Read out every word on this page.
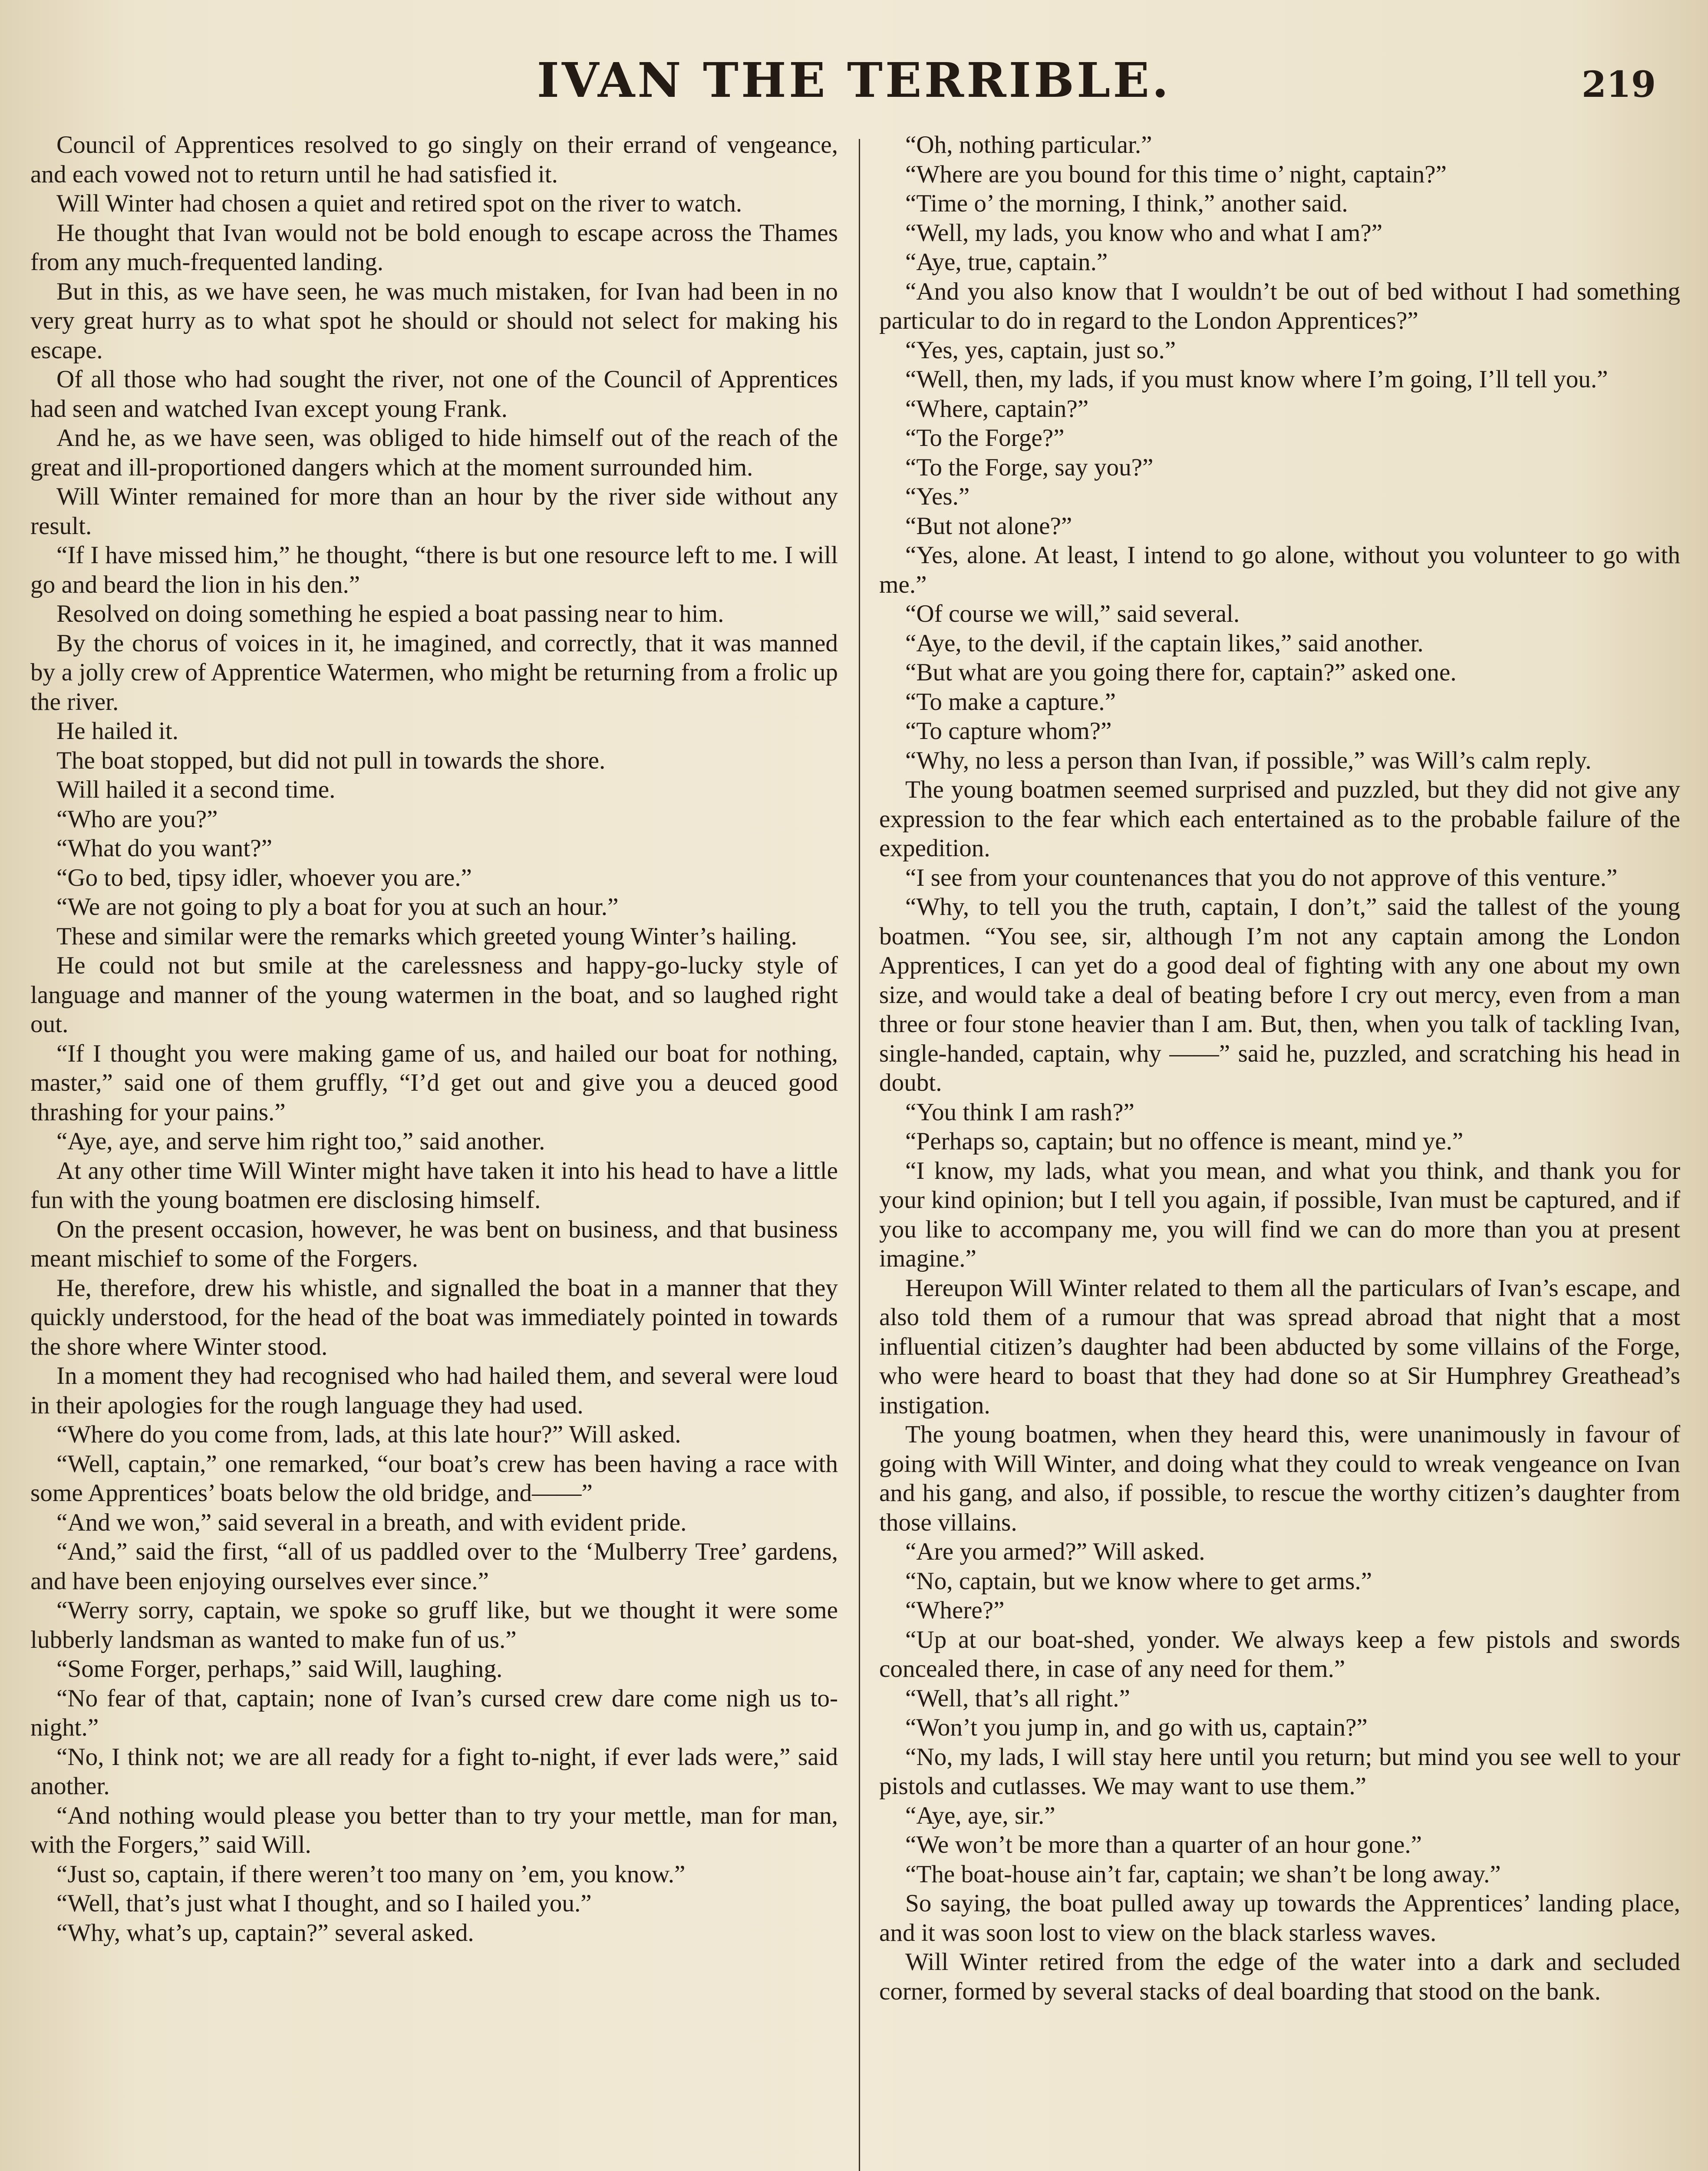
IVAN THE TERRIBLE.	219

Council of Apprentices resolved to go singly on their errand of vengeance, and each vowed not to return until he had satisfied it.

Will Winter had chosen a quiet and retired spot on the river to watch.

He thought that Ivan would not be bold enough to escape across the Thames from any much-frequented landing.

But in this, as we have seen, he was much mistaken, for Ivan had been in no very great hurry as to what spot he should or should not select for making his escape.

Of all those who had sought the river, not one of the Council of Apprentices had seen and watched Ivan except young Frank.

And he, as we have seen, was obliged to hide himself out of the reach of the great and ill-proportioned dangers which at the moment surrounded him.

Will Winter remained for more than an hour by the river side without any result.

“If I have missed him,” he thought, “there is but one resource left to me. I will go and beard the lion in his den.”

Resolved on doing something he espied a boat passing near to him.

By the chorus of voices in it, he imagined, and correctly, that it was manned by a jolly crew of Apprentice Watermen, who might be returning from a frolic up the river.

He hailed it.

The boat stopped, but did not pull in towards the shore.

Will hailed it a second time.

“Who are you?”

“What do you want?”

“Go to bed, tipsy idler, whoever you are.”

“We are not going to ply a boat for you at such an hour.”

These and similar were the remarks which greeted young Winter’s hailing.

He could not but smile at the carelessness and happy-go-lucky style of language and manner of the young watermen in the boat, and so laughed right out.

“If I thought you were making game of us, and hailed our boat for nothing, master,” said one of them gruffly, “I’d get out and give you a deuced good thrashing for your pains.”

“Aye, aye, and serve him right too,” said another.

At any other time Will Winter might have taken it into his head to have a little fun with the young boatmen ere disclosing himself.

On the present occasion, however, he was bent on business, and that business meant mischief to some of the Forgers.

He, therefore, drew his whistle, and signalled the boat in a manner that they quickly understood, for the head of the boat was immediately pointed in towards the shore where Winter stood.

In a moment they had recognised who had hailed them, and several were loud in their apologies for the rough language they had used.

“Where do you come from, lads, at this late hour?” Will asked.

“Well, captain,” one remarked, “our boat’s crew has been having a race with some Apprentices’ boats below the old bridge, and——”

“And we won,” said several in a breath, and with evident pride.

“And,” said the first, “all of us paddled over to the ‘Mulberry Tree’ gardens, and have been enjoying ourselves ever since.”

“Werry sorry, captain, we spoke so gruff like, but we thought it were some lubberly landsman as wanted to make fun of us.”

“Some Forger, perhaps,” said Will, laughing.

“No fear of that, captain; none of Ivan’s cursed crew dare come nigh us to-night.”

“No, I think not; we are all ready for a fight to-night, if ever lads were,” said another.

“And nothing would please you better than to try your mettle, man for man, with the Forgers,” said Will.

“Just so, captain, if there weren’t too many on ’em, you know.”

“Well, that’s just what I thought, and so I hailed you.”

“Why, what’s up, captain?” several asked.

“Oh, nothing particular.”

“Where are you bound for this time o’ night, captain?”

“Time o’ the morning, I think,” another said.

“Well, my lads, you know who and what I am?”

“Aye, true, captain.”

“And you also know that I wouldn’t be out of bed without I had something particular to do in regard to the London Apprentices?”

“Yes, yes, captain, just so.”

“Well, then, my lads, if you must know where I’m going, I’ll tell you.”

“Where, captain?”

“To the Forge?”

“To the Forge, say you?”

“Yes.”

“But not alone?”

“Yes, alone. At least, I intend to go alone, without you volunteer to go with me.”

“Of course we will,” said several.

“Aye, to the devil, if the captain likes,” said another.

“But what are you going there for, captain?” asked one.

“To make a capture.”

“To capture whom?”

“Why, no less a person than Ivan, if possible,” was Will’s calm reply.

The young boatmen seemed surprised and puzzled, but they did not give any expression to the fear which each entertained as to the probable failure of the expedition.

“I see from your countenances that you do not approve of this venture.”

“Why, to tell you the truth, captain, I don’t,” said the tallest of the young boatmen. “You see, sir, although I’m not any captain among the London Apprentices, I can yet do a good deal of fighting with any one about my own size, and would take a deal of beating before I cry out mercy, even from a man three or four stone heavier than I am. But, then, when you talk of tackling Ivan, single-handed, captain, why ——” said he, puzzled, and scratching his head in doubt.

“You think I am rash?”

“Perhaps so, captain; but no offence is meant, mind ye.”

“I know, my lads, what you mean, and what you think, and thank you for your kind opinion; but I tell you again, if possible, Ivan must be captured, and if you like to accompany me, you will find we can do more than you at present imagine.”

Hereupon Will Winter related to them all the particulars of Ivan’s escape, and also told them of a rumour that was spread abroad that night that a most influential citizen’s daughter had been abducted by some villains of the Forge, who were heard to boast that they had done so at Sir Humphrey Greathead’s instigation.

The young boatmen, when they heard this, were unanimously in favour of going with Will Winter, and doing what they could to wreak vengeance on Ivan and his gang, and also, if possible, to rescue the worthy citizen’s daughter from those villains.

“Are you armed?” Will asked.

“No, captain, but we know where to get arms.”

“Where?”

“Up at our boat-shed, yonder. We always keep a few pistols and swords concealed there, in case of any need for them.”

“Well, that’s all right.”

“Won’t you jump in, and go with us, captain?”

“No, my lads, I will stay here until you return; but mind you see well to your pistols and cutlasses. We may want to use them.”

“Aye, aye, sir.”

“We won’t be more than a quarter of an hour gone.”

“The boat-house ain’t far, captain; we shan’t be long away.”

So saying, the boat pulled away up towards the Apprentices’ landing place, and it was soon lost to view on the black starless waves.

Will Winter retired from the edge of the water into a dark and secluded corner, formed by several stacks of deal boarding that stood on the bank.
